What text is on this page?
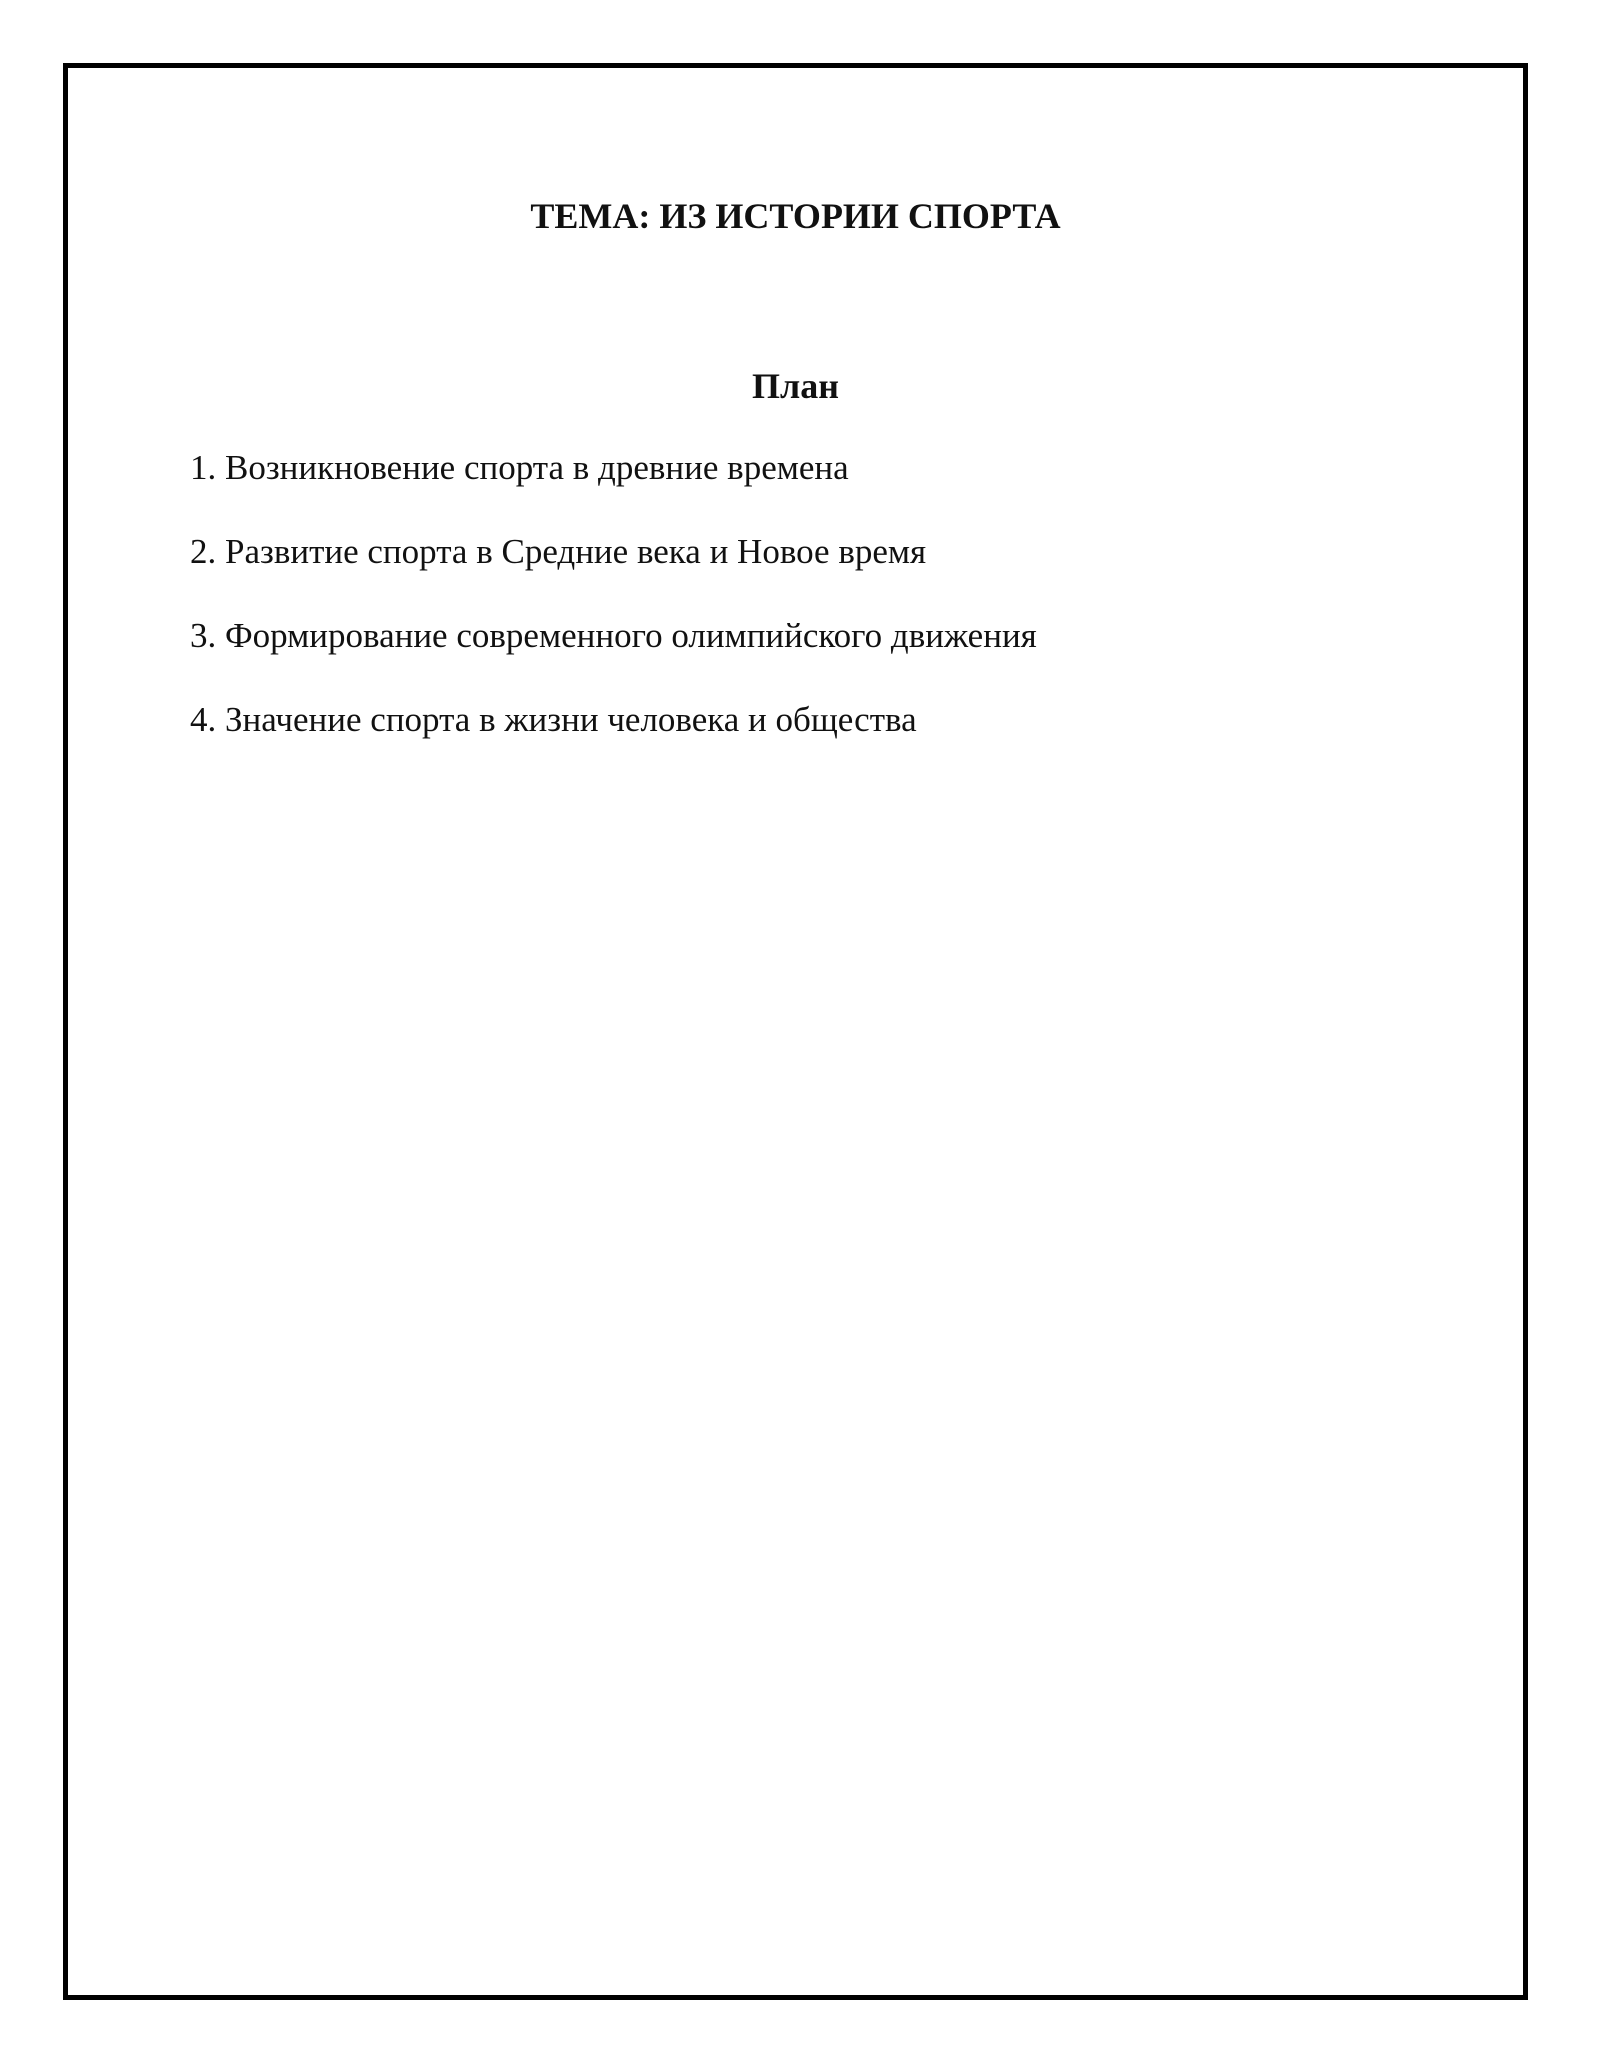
ТЕМА: ИЗ ИСТОРИИ СПОРТА
План
1. Возникновение спорта в древние времена
2. Развитие спорта в Средние века и Новое время
3. Формирование современного олимпийского движения
4. Значение спорта в жизни человека и общества
